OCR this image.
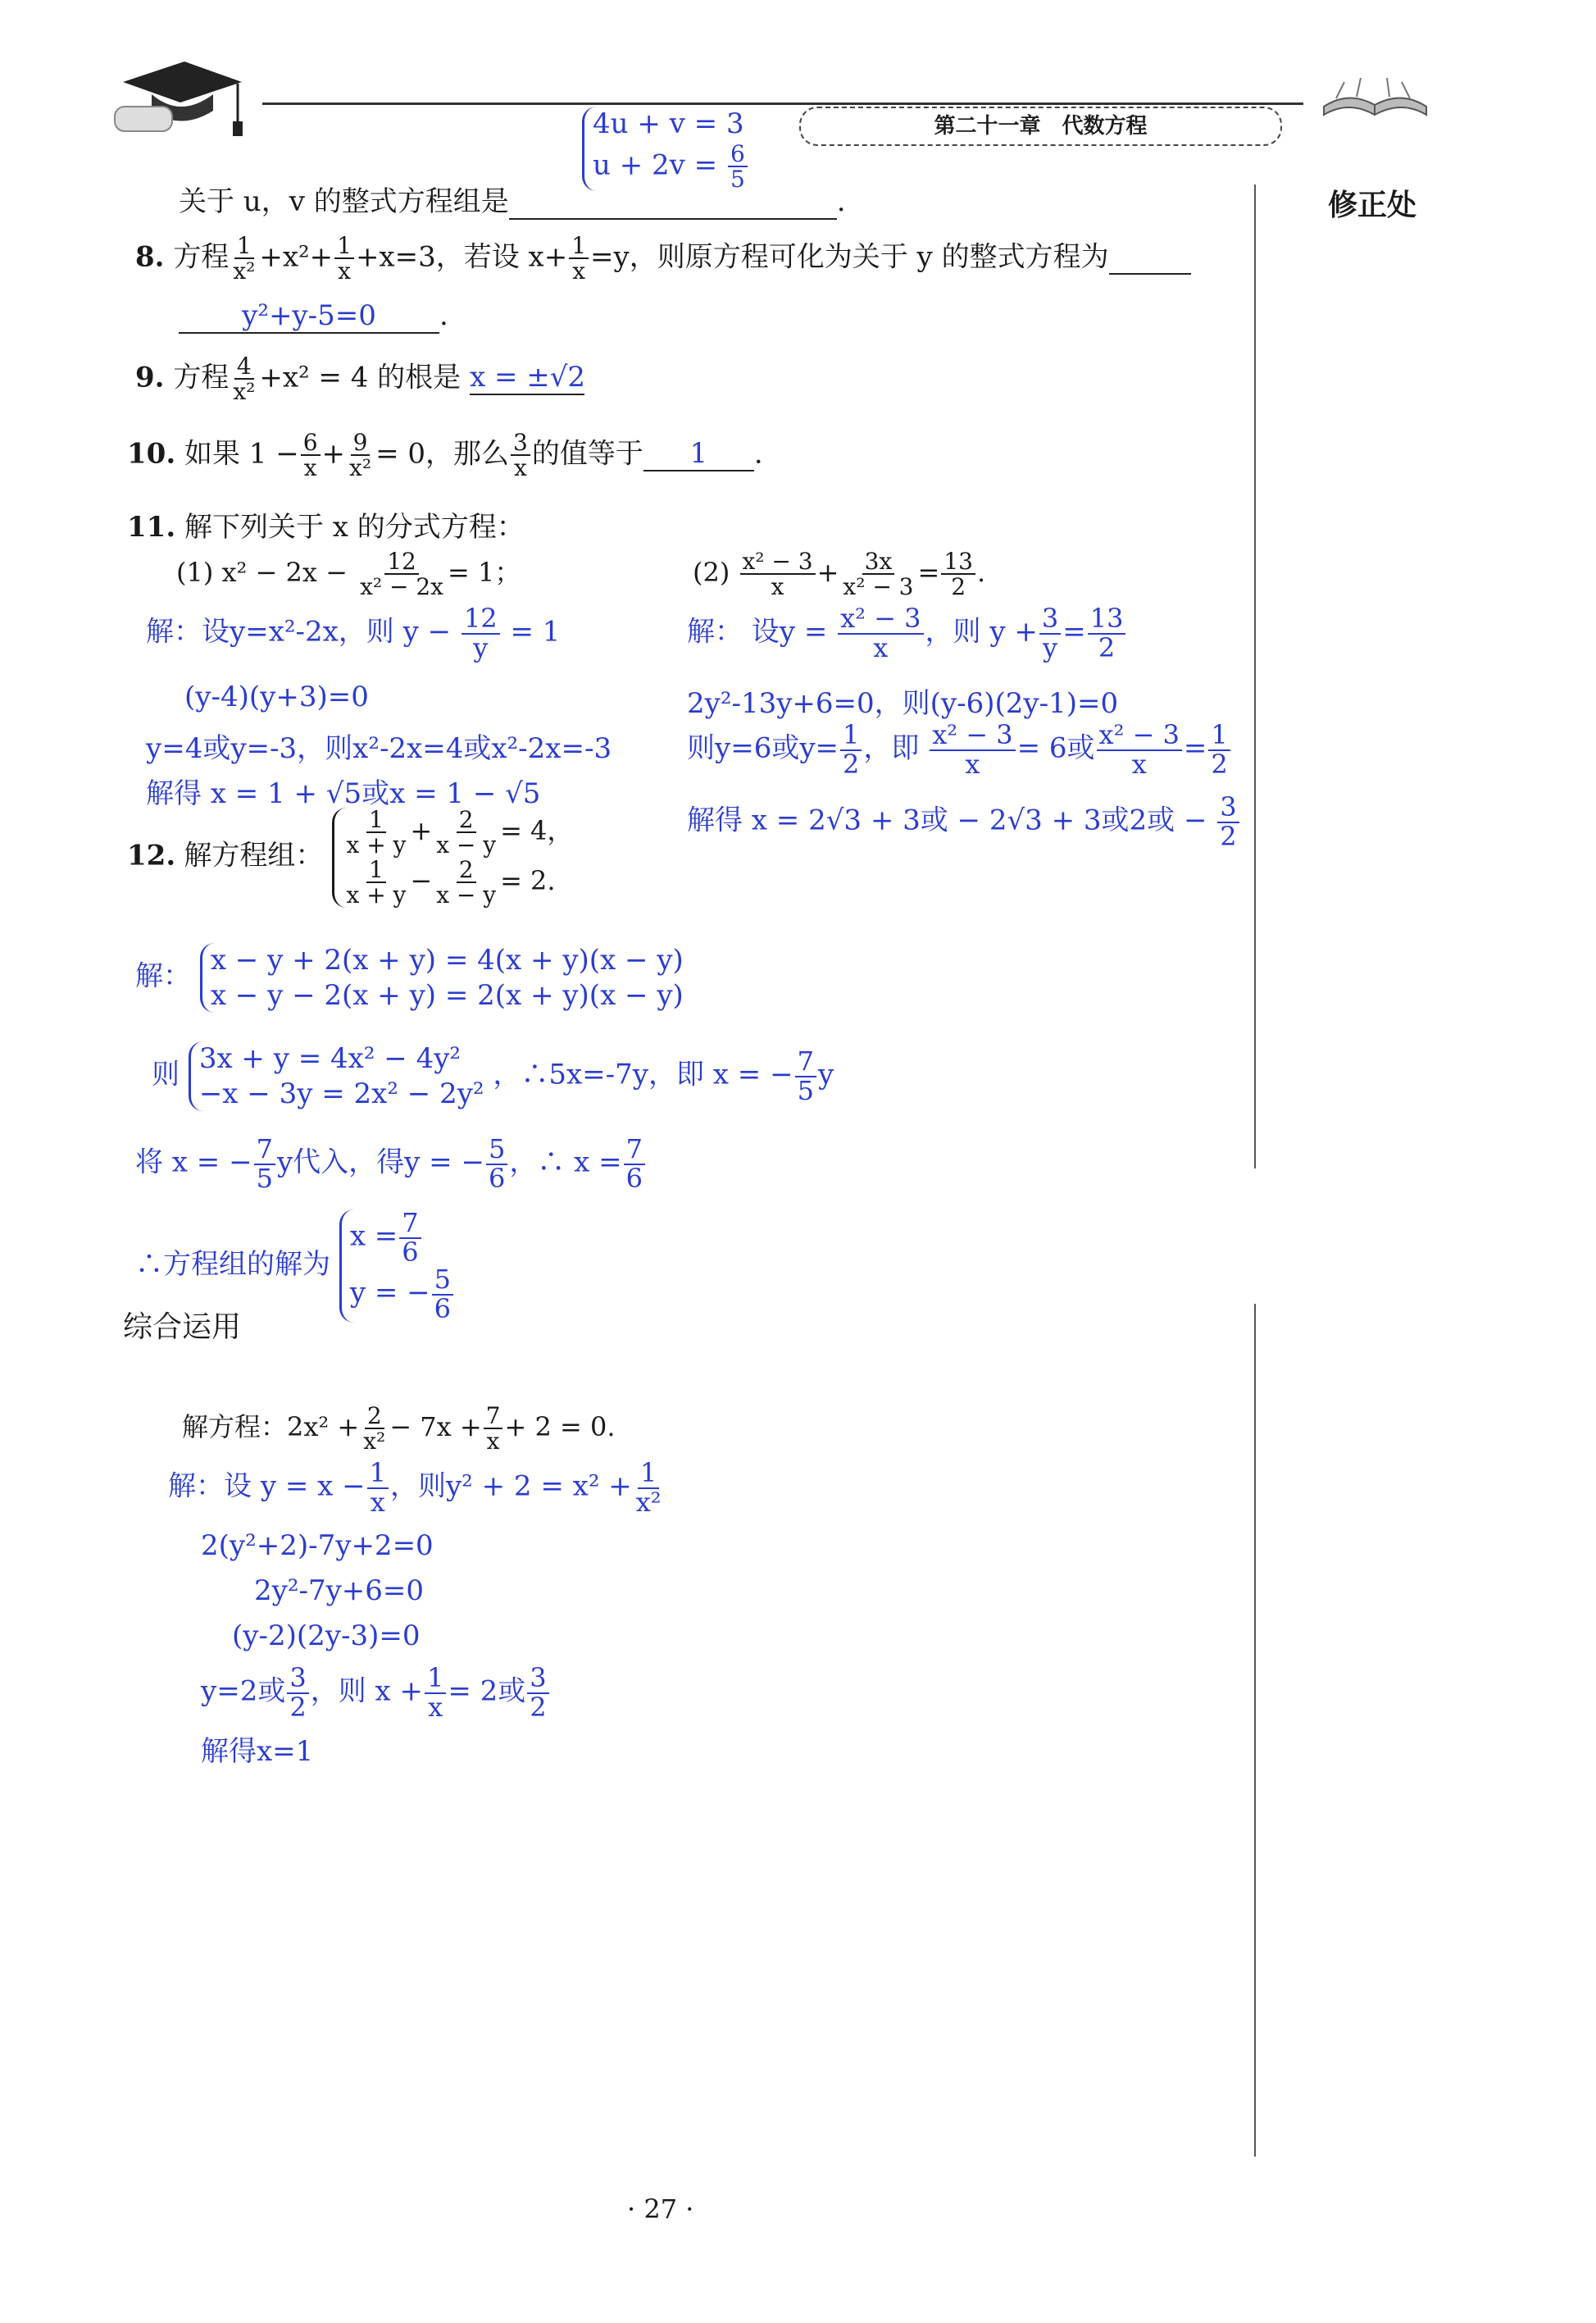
第二十一章　代数方程
修正处
4u + v = 3
$u + 2v = \frac{6}{5}$
关于 u，v 的整式方程组是	.
8. 方程 $\frac{1}{\text{x²}} +x^2+ \frac{1}{x} +x=3$，若设 $x+ \frac{1}{x} =y$，则原方程可化为关于 y 的整式方程为
y²+y-5=0 .
9. 方程 $\frac{4}{\text{x²}} +x^2 = 4$ 的根是 x = ±√2
10. 如果 $1 - \frac{6}{x} + \frac{9}{\text{x²}} = 0$，那么 $\frac{3}{x}$ 的值等于 1 .
11. 解下列关于 x 的分式方程：
(1) $x^2 - 2x - \frac{12}{\text{x² − 2x}} = 1$；	$(2) \frac{\text{x² − 3}}{x} + \frac{3x}{\text{x² − 3}} = \frac{13}{2}$ .
解：设y=x²-2x，则 $y - \frac{12}{y} = 1$
(y-4)(y+3)=0
y=4或y=-3，则x²-2x=4或x²-2x=-3
解得 x = 1 + √5或x = 1 − √5
解： 设$y = \frac{\text{x² − 3}}{x}$ ，则 $y + \frac{3}{y} = \frac{13}{2}$
2y²-13y+6=0，则(y-6)(2y-1)=0
则y=6或$y= \frac{1}{2}$ ，即 $\frac{\text{x² − 3}}{x} = 6$或 $\frac{\text{x² − 3}}{x} = \frac{1}{2}$
解得 x = 2√3 + 3或 − 2√3 + 3或2或 − $\frac{3}{2}$
12. 解方程组： $\frac{1}{x + y} + \frac{2}{x - y} = 4$，

$\frac{1}{x + y} - \frac{2}{x - y} = 2$.
解： x − y + 2(x + y) = 4(x + y)(x − y)
x − y − 2(x + y) = 2(x + y)(x − y)
则 3x + y = 4x² − 4y²
−x − 3y = 2x² − 2y² ，∴5x=-7y，即 x = − $\frac{7}{5}$ y
将 x = − $\frac{7}{5}$ y代入，得y = − $\frac{5}{6}$ ，∴ $x = \frac{7}{6}$
∴方程组的解为 $x = \frac{7}{6}$

y = − $\frac{5}{6}$
综合运用
解方程：$2x^2 + \frac{2}{\text{x²}} - 7x + \frac{7}{x} + 2 = 0$.
解：设 $y = x - \frac{1}{x}$ ，则$y^2 + 2 = x^2 + \frac{1}{\text{x²}}$
2(y²+2)-7y+2=0
2y²-7y+6=0
(y-2)(2y-3)=0
y=2或 $\frac{3}{2}$ ，则 $x + \frac{1}{x} = 2$或 $\frac{3}{2}$
解得x=1
· 27 ·
